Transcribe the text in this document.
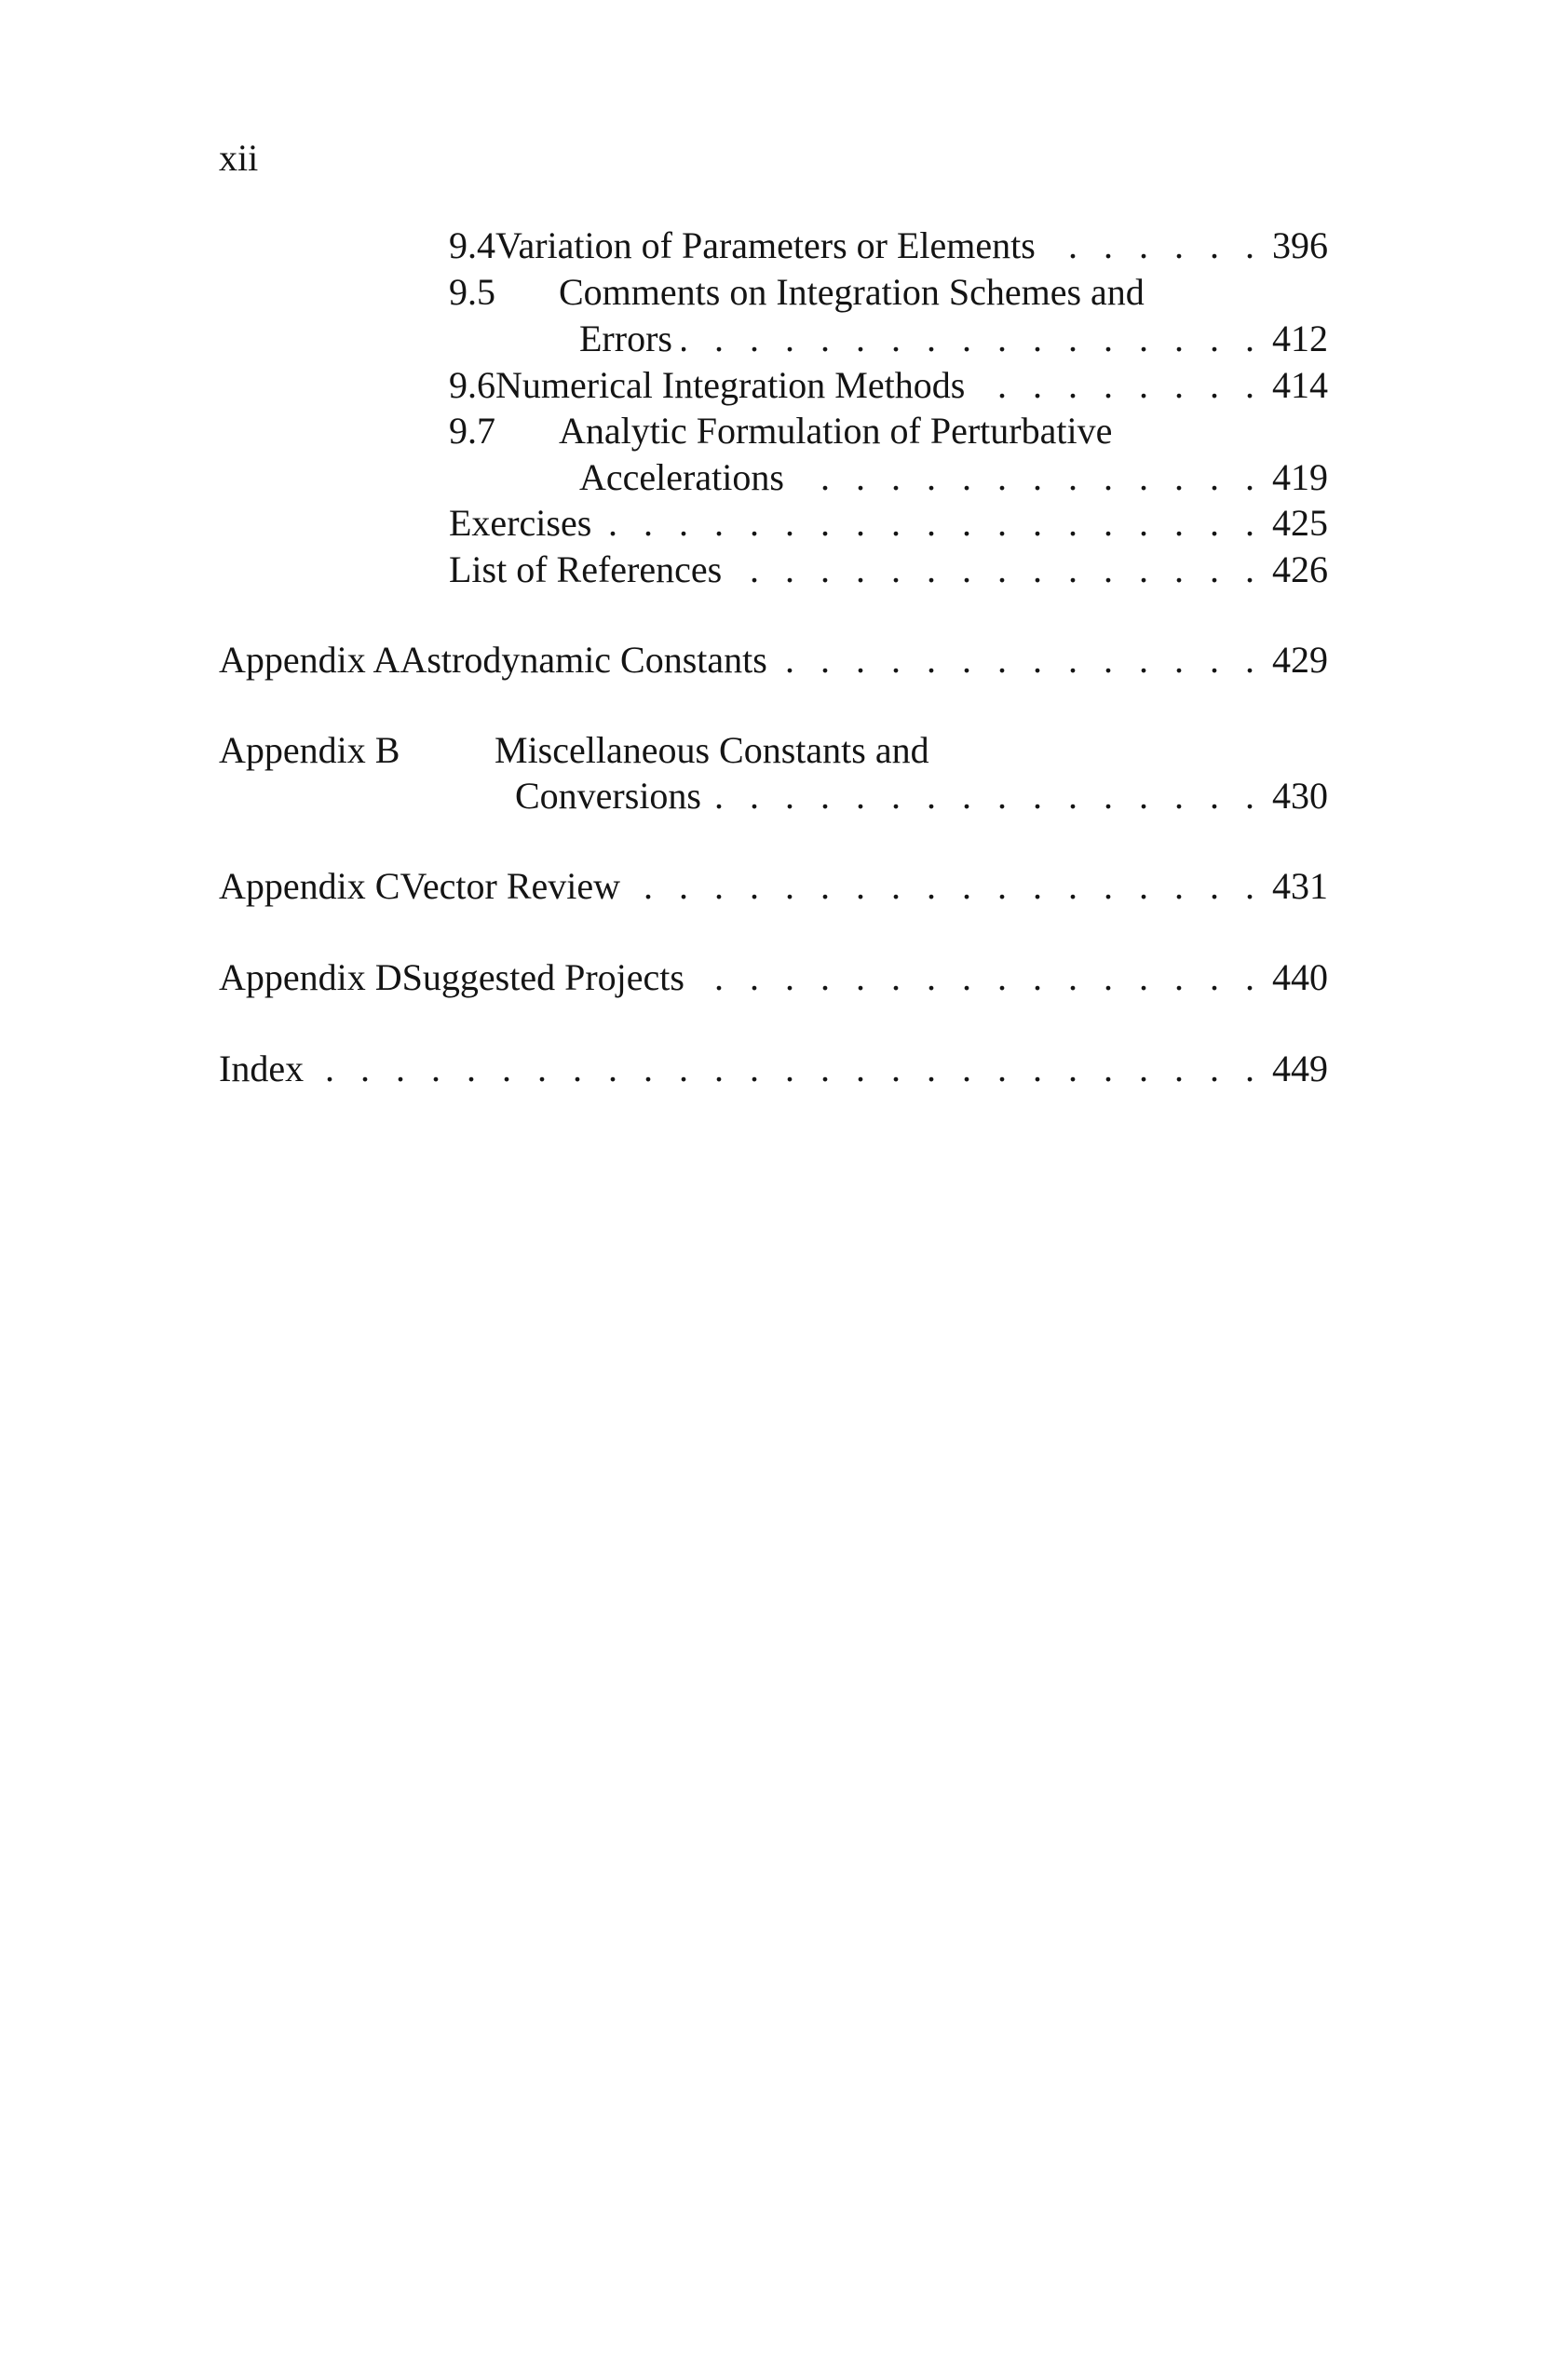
xii
9.4 Variation of Parameters or Elements . . .	396
9.5	Comments on Integration Schemes and
Errors . . .	412
9.6 Numerical Integration Methods . . .	414
9.7	Analytic Formulation of Perturbative
Accelerations . . .	419
Exercises . . .	425
List of References . . .	426
Appendix A Astrodynamic Constants . . .	429
Appendix B	Miscellaneous Constants and
Conversions . . .	430
Appendix C Vector Review . . .	431
Appendix D Suggested Projects . . .	440
Index . . .	449
